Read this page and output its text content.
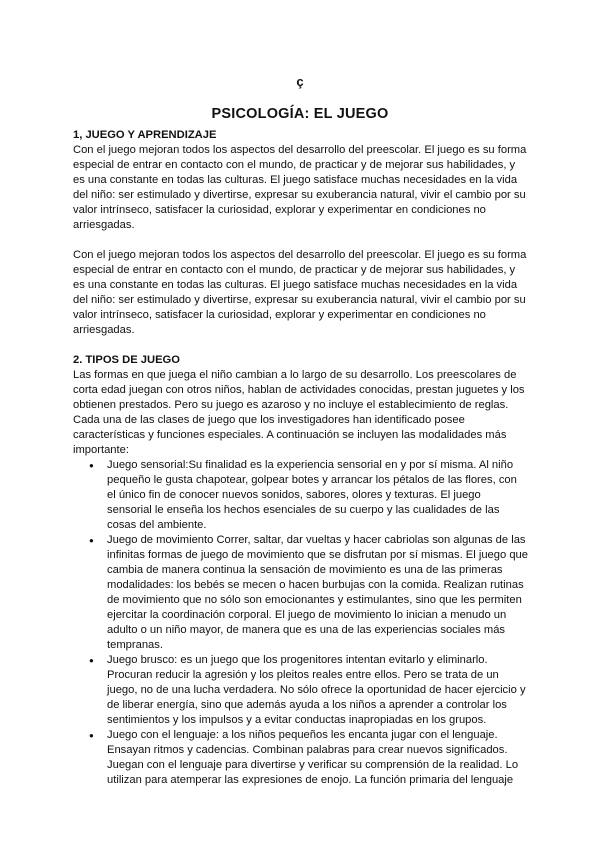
ç
PSICOLOGÍA: EL JUEGO
1, JUEGO Y APRENDIZAJE

Con el juego mejoran todos los aspectos del desarrollo del preescolar. El juego es su forma especial de entrar en contacto con el mundo, de practicar y de mejorar sus habilidades, y es una constante en todas las culturas. El juego satisface muchas necesidades en la vida del niño: ser estimulado y divertirse, expresar su exuberancia natural, vivir el cambio por su valor intrínseco, satisfacer la curiosidad, explorar y experimentar en condiciones no arriesgadas.

Con el juego mejoran todos los aspectos del desarrollo del preescolar. El juego es su forma especial de entrar en contacto con el mundo, de practicar y de mejorar sus habilidades, y es una constante en todas las culturas. El juego satisface muchas necesidades en la vida del niño: ser estimulado y divertirse, expresar su exuberancia natural, vivir el cambio por su valor intrínseco, satisfacer la curiosidad, explorar y experimentar en condiciones no arriesgadas.

2. TIPOS DE JUEGO

Las formas en que juega el niño cambian a lo largo de su desarrollo. Los preescolares de corta edad juegan con otros niños, hablan de actividades conocidas, prestan juguetes y los obtienen prestados. Pero su juego es azaroso y no incluye el establecimiento de reglas. Cada una de las clases de juego que los investigadores han identificado posee características y funciones especiales. A continuación se incluyen las modalidades más importante:

● Juego sensorial:Su finalidad es la experiencia sensorial en y por sí misma. Al niño pequeño le gusta chapotear, golpear botes y arrancar los pétalos de las flores, con el único fin de conocer nuevos sonidos, sabores, olores y texturas. El juego sensorial le enseña los hechos esenciales de su cuerpo y las cualidades de las cosas del ambiente.
● Juego de movimiento Correr, saltar, dar vueltas y hacer cabriolas son algunas de las infinitas formas de juego de movimiento que se disfrutan por sí mismas. El juego que cambia de manera continua la sensación de movimiento es una de las primeras modalidades: los bebés se mecen o hacen burbujas con la comida. Realizan rutinas de movimiento que no sólo son emocionantes y estimulantes, sino que les permiten ejercitar la coordinación corporal. El juego de movimiento lo inician a menudo un adulto o un niño mayor, de manera que es una de las experiencias sociales más tempranas.
● Juego brusco: es un juego que los progenitores intentan evitarlo y eliminarlo. Procuran reducir la agresión y los pleitos reales entre ellos. Pero se trata de un juego, no de una lucha verdadera. No sólo ofrece la oportunidad de hacer ejercicio y de liberar energía, sino que además ayuda a los niños a aprender a controlar los sentimientos y los impulsos y a evitar conductas inapropiadas en los grupos.
● Juego con el lenguaje: a los niños pequeños les encanta jugar con el lenguaje. Ensayan ritmos y cadencias. Combinan palabras para crear nuevos significados. Juegan con el lenguaje para divertirse y verificar su comprensión de la realidad. Lo utilizan para atemperar las expresiones de enojo. La función primaria del lenguaje
